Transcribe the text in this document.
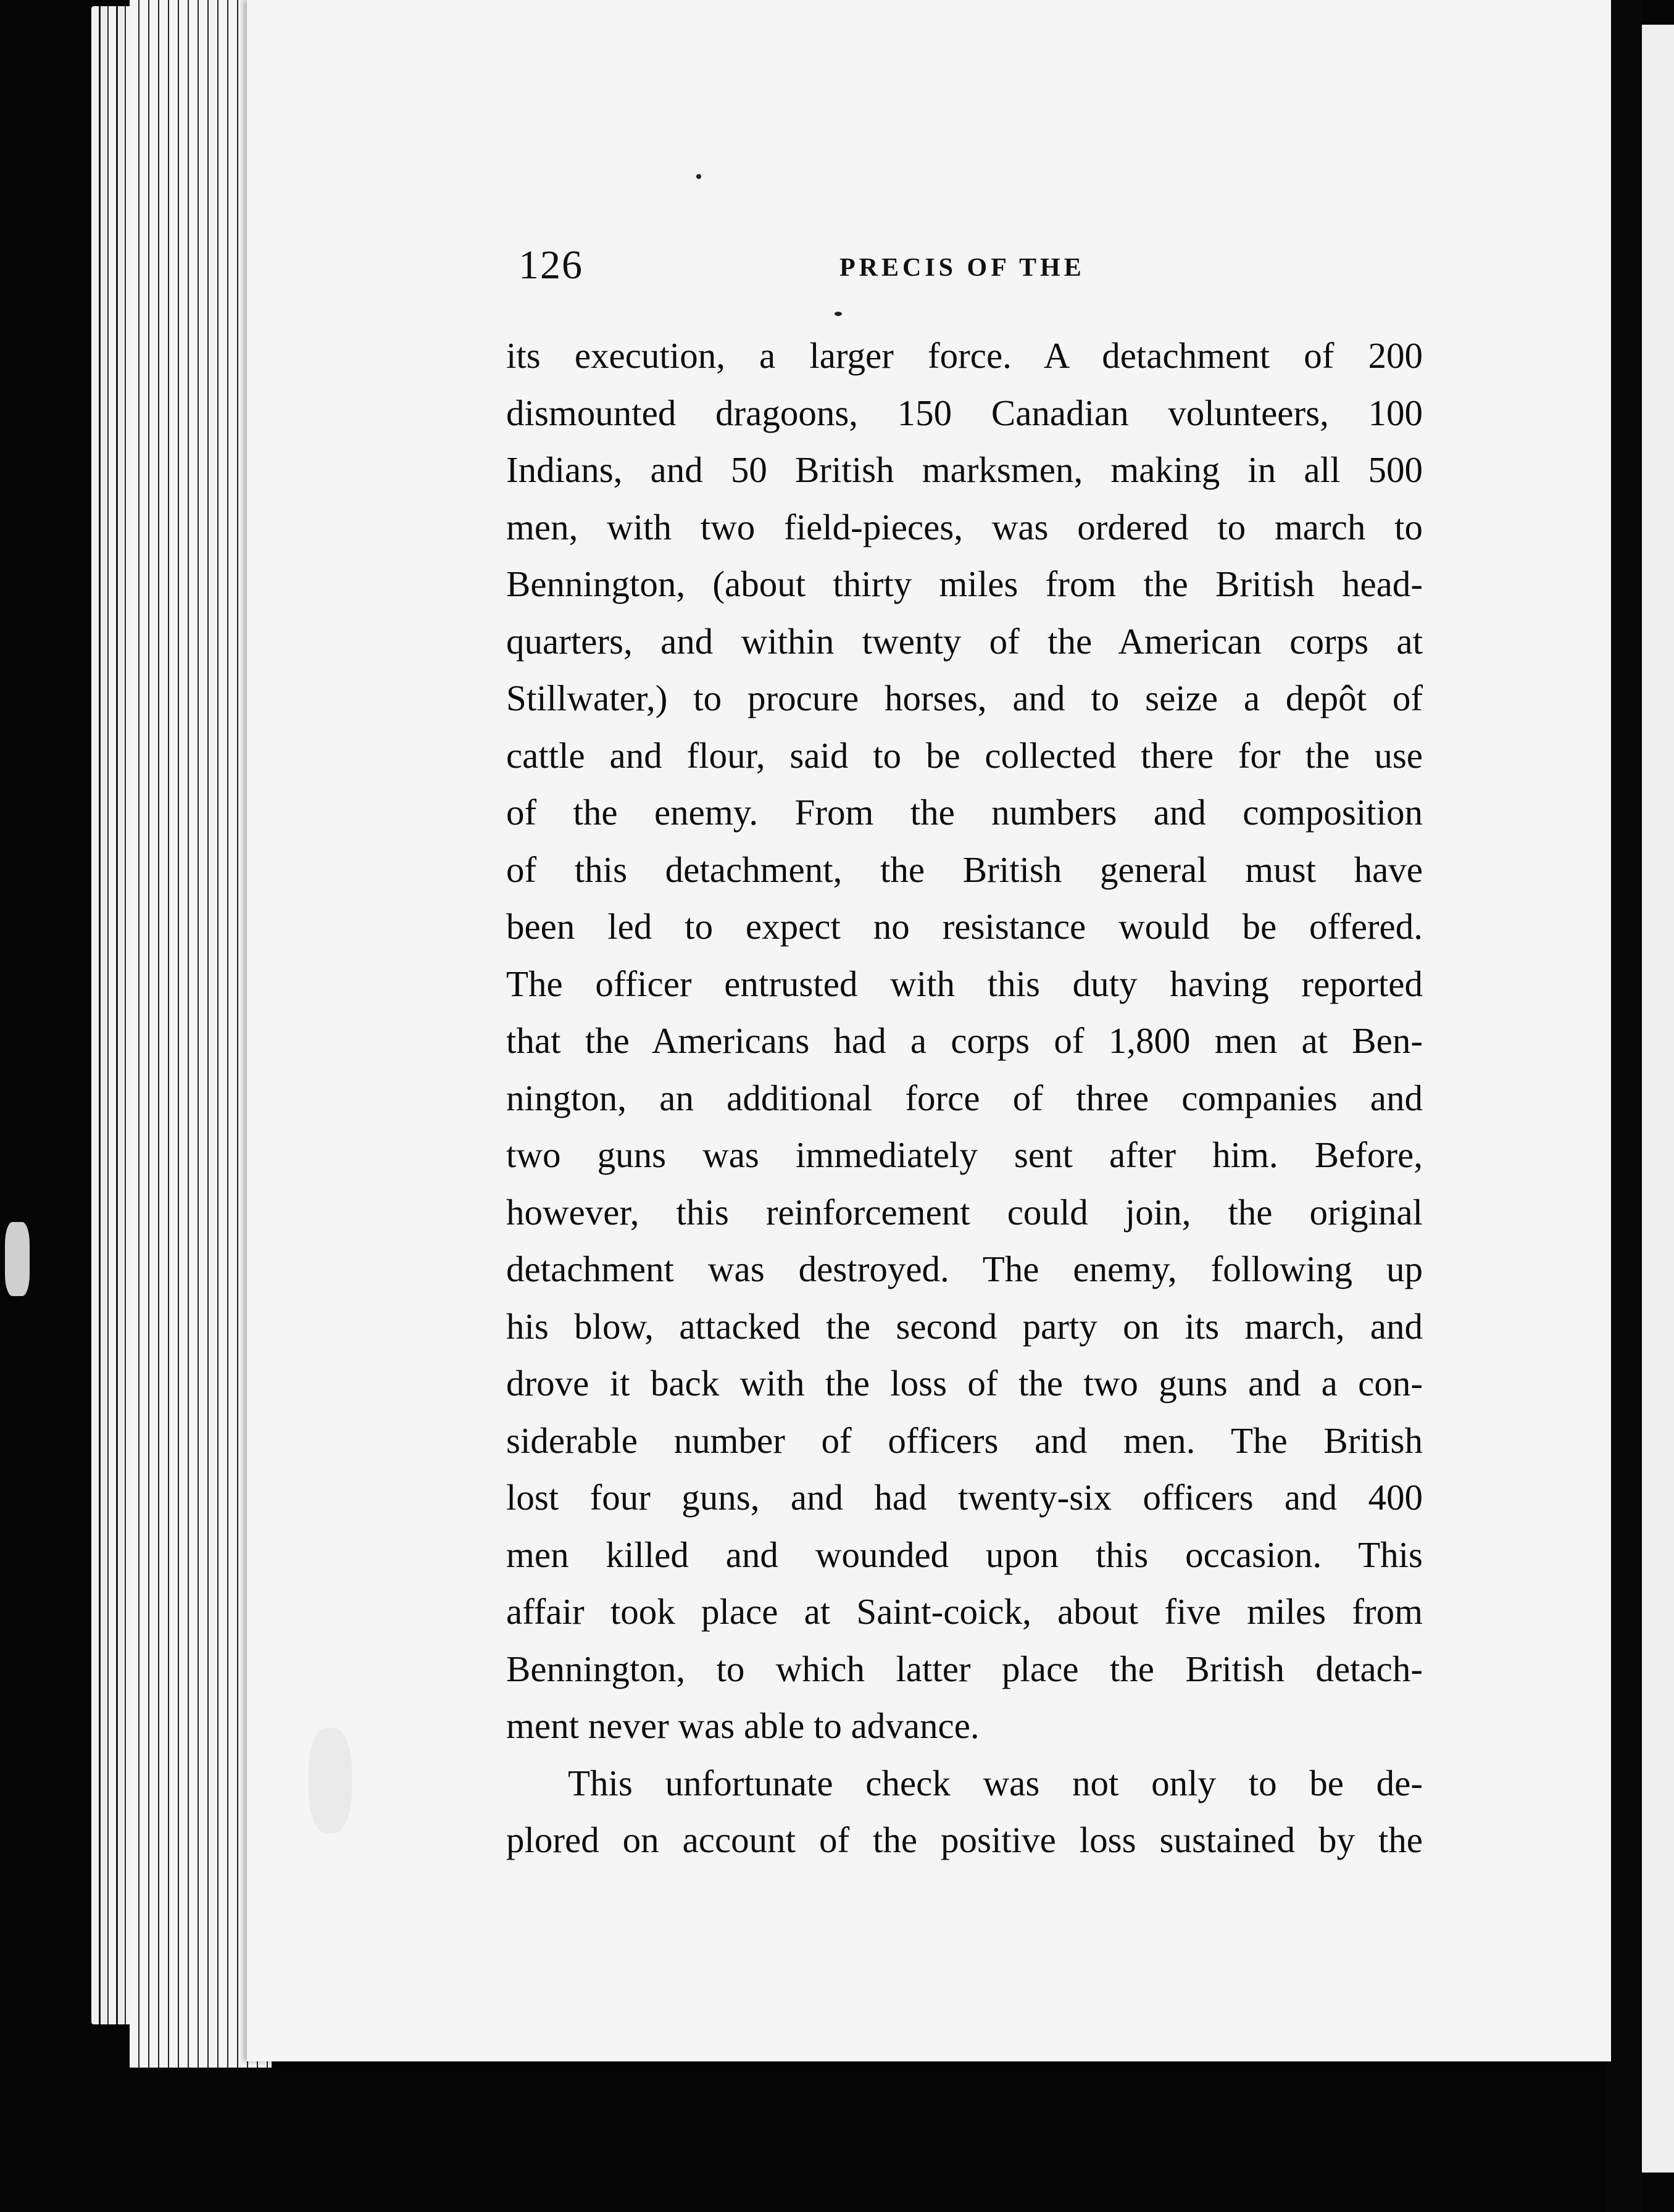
126	PRECIS OF THE
its execution, a larger force. A detachment of 200
dismounted dragoons, 150 Canadian volunteers, 100
Indians, and 50 British marksmen, making in all 500
men, with two field-pieces, was ordered to march to
Bennington, (about thirty miles from the British head-
quarters, and within twenty of the American corps at
Stillwater,) to procure horses, and to seize a depôt of
cattle and flour, said to be collected there for the use
of the enemy. From the numbers and composition
of this detachment, the British general must have
been led to expect no resistance would be offered.
The officer entrusted with this duty having reported
that the Americans had a corps of 1,800 men at Ben-
nington, an additional force of three companies and
two guns was immediately sent after him. Before,
however, this reinforcement could join, the original
detachment was destroyed. The enemy, following up
his blow, attacked the second party on its march, and
drove it back with the loss of the two guns and a con-
siderable number of officers and men. The British
lost four guns, and had twenty-six officers and 400
men killed and wounded upon this occasion. This
affair took place at Saint-coick, about five miles from
Bennington, to which latter place the British detach-
ment never was able to advance.
This unfortunate check was not only to be de-
plored on account of the positive loss sustained by the
